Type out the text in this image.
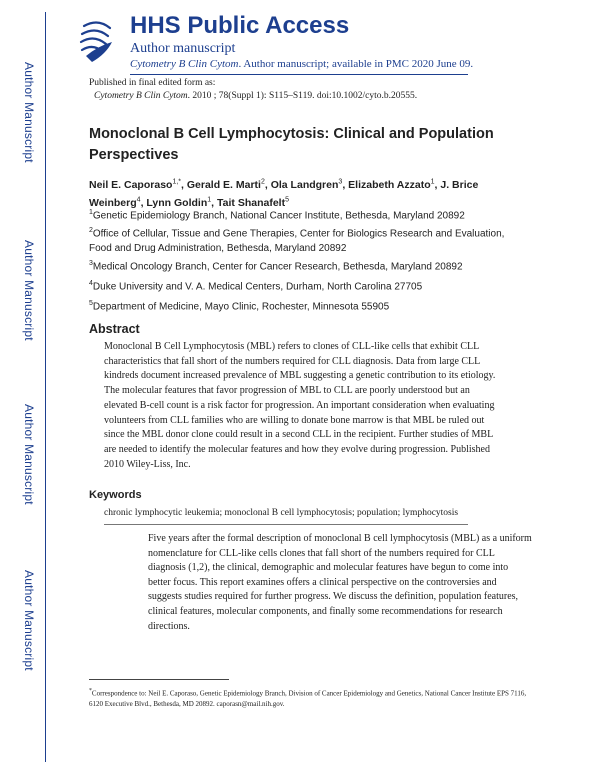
Author Manuscript
Author Manuscript
Author Manuscript
Author Manuscript
HHS Public Access
Author manuscript
Cytometry B Clin Cytom. Author manuscript; available in PMC 2020 June 09.
Published in final edited form as:
Cytometry B Clin Cytom. 2010 ; 78(Suppl 1): S115–S119. doi:10.1002/cyto.b.20555.
Monoclonal B Cell Lymphocytosis: Clinical and Population Perspectives
Neil E. Caporaso$^{1,*}$, Gerald E. Marti$^2$, Ola Landgren$^3$, Elizabeth Azzato$^1$, J. Brice Weinberg$^4$, Lynn Goldin$^1$, Tait Shanafelt$^5$
$^1$Genetic Epidemiology Branch, National Cancer Institute, Bethesda, Maryland 20892
$^2$Office of Cellular, Tissue and Gene Therapies, Center for Biologics Research and Evaluation, Food and Drug Administration, Bethesda, Maryland 20892
$^3$Medical Oncology Branch, Center for Cancer Research, Bethesda, Maryland 20892
$^4$Duke University and V. A. Medical Centers, Durham, North Carolina 27705
$^5$Department of Medicine, Mayo Clinic, Rochester, Minnesota 55905
Abstract

Monoclonal B Cell Lymphocytosis (MBL) refers to clones of CLL-like cells that exhibit CLL characteristics that fall short of the numbers required for CLL diagnosis. Data from large CLL kindreds document increased prevalence of MBL suggesting a genetic contribution to its etiology. The molecular features that favor progression of MBL to CLL are poorly understood but an elevated B-cell count is a risk factor for progression. An important consideration when evaluating volunteers from CLL families who are willing to donate bone marrow is that MBL be ruled out since the MBL donor clone could result in a second CLL in the recipient. Further studies of MBL are needed to identify the molecular features and how they evolve during progression. Published 2010 Wiley-Liss, Inc.

Keywords

chronic lymphocytic leukemia; monoclonal B cell lymphocytosis; population; lymphocytosis

Five years after the formal description of monoclonal B cell lymphocytosis (MBL) as a uniform nomenclature for CLL-like cells clones that fall short of the numbers required for CLL diagnosis (1,2), the clinical, demographic and molecular features have begun to come into better focus. This report examines offers a clinical perspective on the controversies and suggests studies required for further progress. We discuss the definition, population features, clinical features, molecular components, and finally some recommendations for research directions.

*Correspondence to: Neil E. Caporaso, Genetic Epidemiology Branch, Division of Cancer Epidemiology and Genetics, National Cancer Institute EPS 7116, 6120 Executive Blvd., Bethesda, MD 20892. caporasn@mail.nih.gov.
